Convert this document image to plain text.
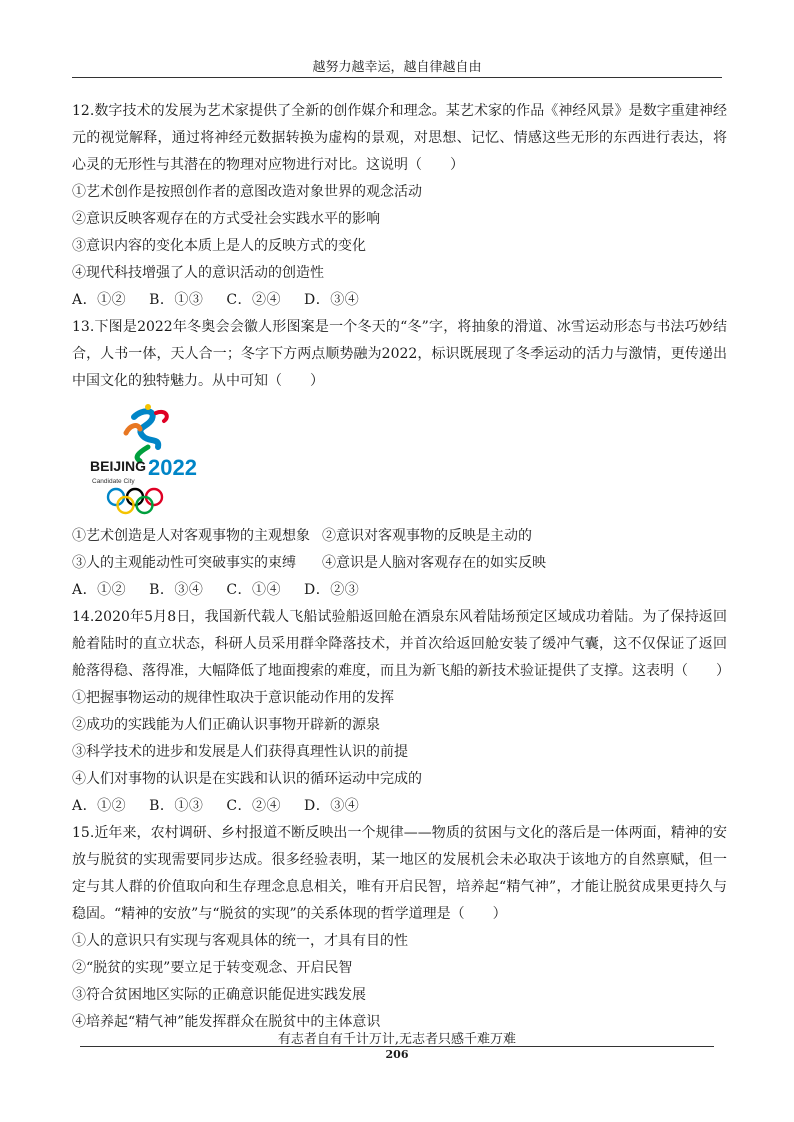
越努力越幸运，越自律越自由

12.数字技术的发展为艺术家提供了全新的创作媒介和理念。某艺术家的作品《神经风景》是数字重建神经元的视觉解释，通过将神经元数据转换为虚构的景观，对思想、记忆、情感这些无形的东西进行表达，将心灵的无形性与其潜在的物理对应物进行对比。这说明（　　）

①艺术创作是按照创作者的意图改造对象世界的观念活动

②意识反映客观存在的方式受社会实践水平的影响

③意识内容的变化本质上是人的反映方式的变化

④现代科技增强了人的意识活动的创造性

A．①② B．①③ C．②④ D．③④

13.下图是2022年冬奥会会徽人形图案是一个冬天的“冬”字，将抽象的滑道、冰雪运动形态与书法巧妙结合，人书一体，天人合一；冬字下方两点顺势融为2022，标识既展现了冬季运动的活力与激情，更传递出中国文化的独特魅力。从中可知（　　）

BEIJING 2022
Candidate City
①艺术创造是人对客观事物的主观想象 ②意识对客观事物的反映是主动的
③人的主观能动性可突破事实的束缚	④意识是人脑对客观存在的如实反映

A．①② B．③④ C．①④ D．②③

14.2020年5月8日，我国新代载人飞船试验船返回舱在酒泉东风着陆场预定区域成功着陆。为了保持返回舱着陆时的直立状态，科研人员采用群伞降落技术，并首次给返回舱安装了缓冲气囊，这不仅保证了返回舱落得稳、落得准，大幅降低了地面搜索的难度，而且为新飞船的新技术验证提供了支撑。这表明（　　）

①把握事物运动的规律性取决于意识能动作用的发挥

②成功的实践能为人们正确认识事物开辟新的源泉

③科学技术的进步和发展是人们获得真理性认识的前提

④人们对事物的认识是在实践和认识的循环运动中完成的

A．①② B．①③ C．②④ D．③④

15.近年来，农村调研、乡村报道不断反映出一个规律——物质的贫困与文化的落后是一体两面，精神的安放与脱贫的实现需要同步达成。很多经验表明，某一地区的发展机会未必取决于该地方的自然禀赋，但一定与其人群的价值取向和生存理念息息相关，唯有开启民智，培养起“精气神”，才能让脱贫成果更持久与稳固。“精神的安放”与“脱贫的实现”的关系体现的哲学道理是（　　）

①人的意识只有实现与客观具体的统一，才具有目的性

②“脱贫的实现”要立足于转变观念、开启民智

③符合贫困地区实际的正确意识能促进实践发展

④培养起“精气神”能发挥群众在脱贫中的主体意识

有志者自有千计万计,无志者只感千难万难
206
